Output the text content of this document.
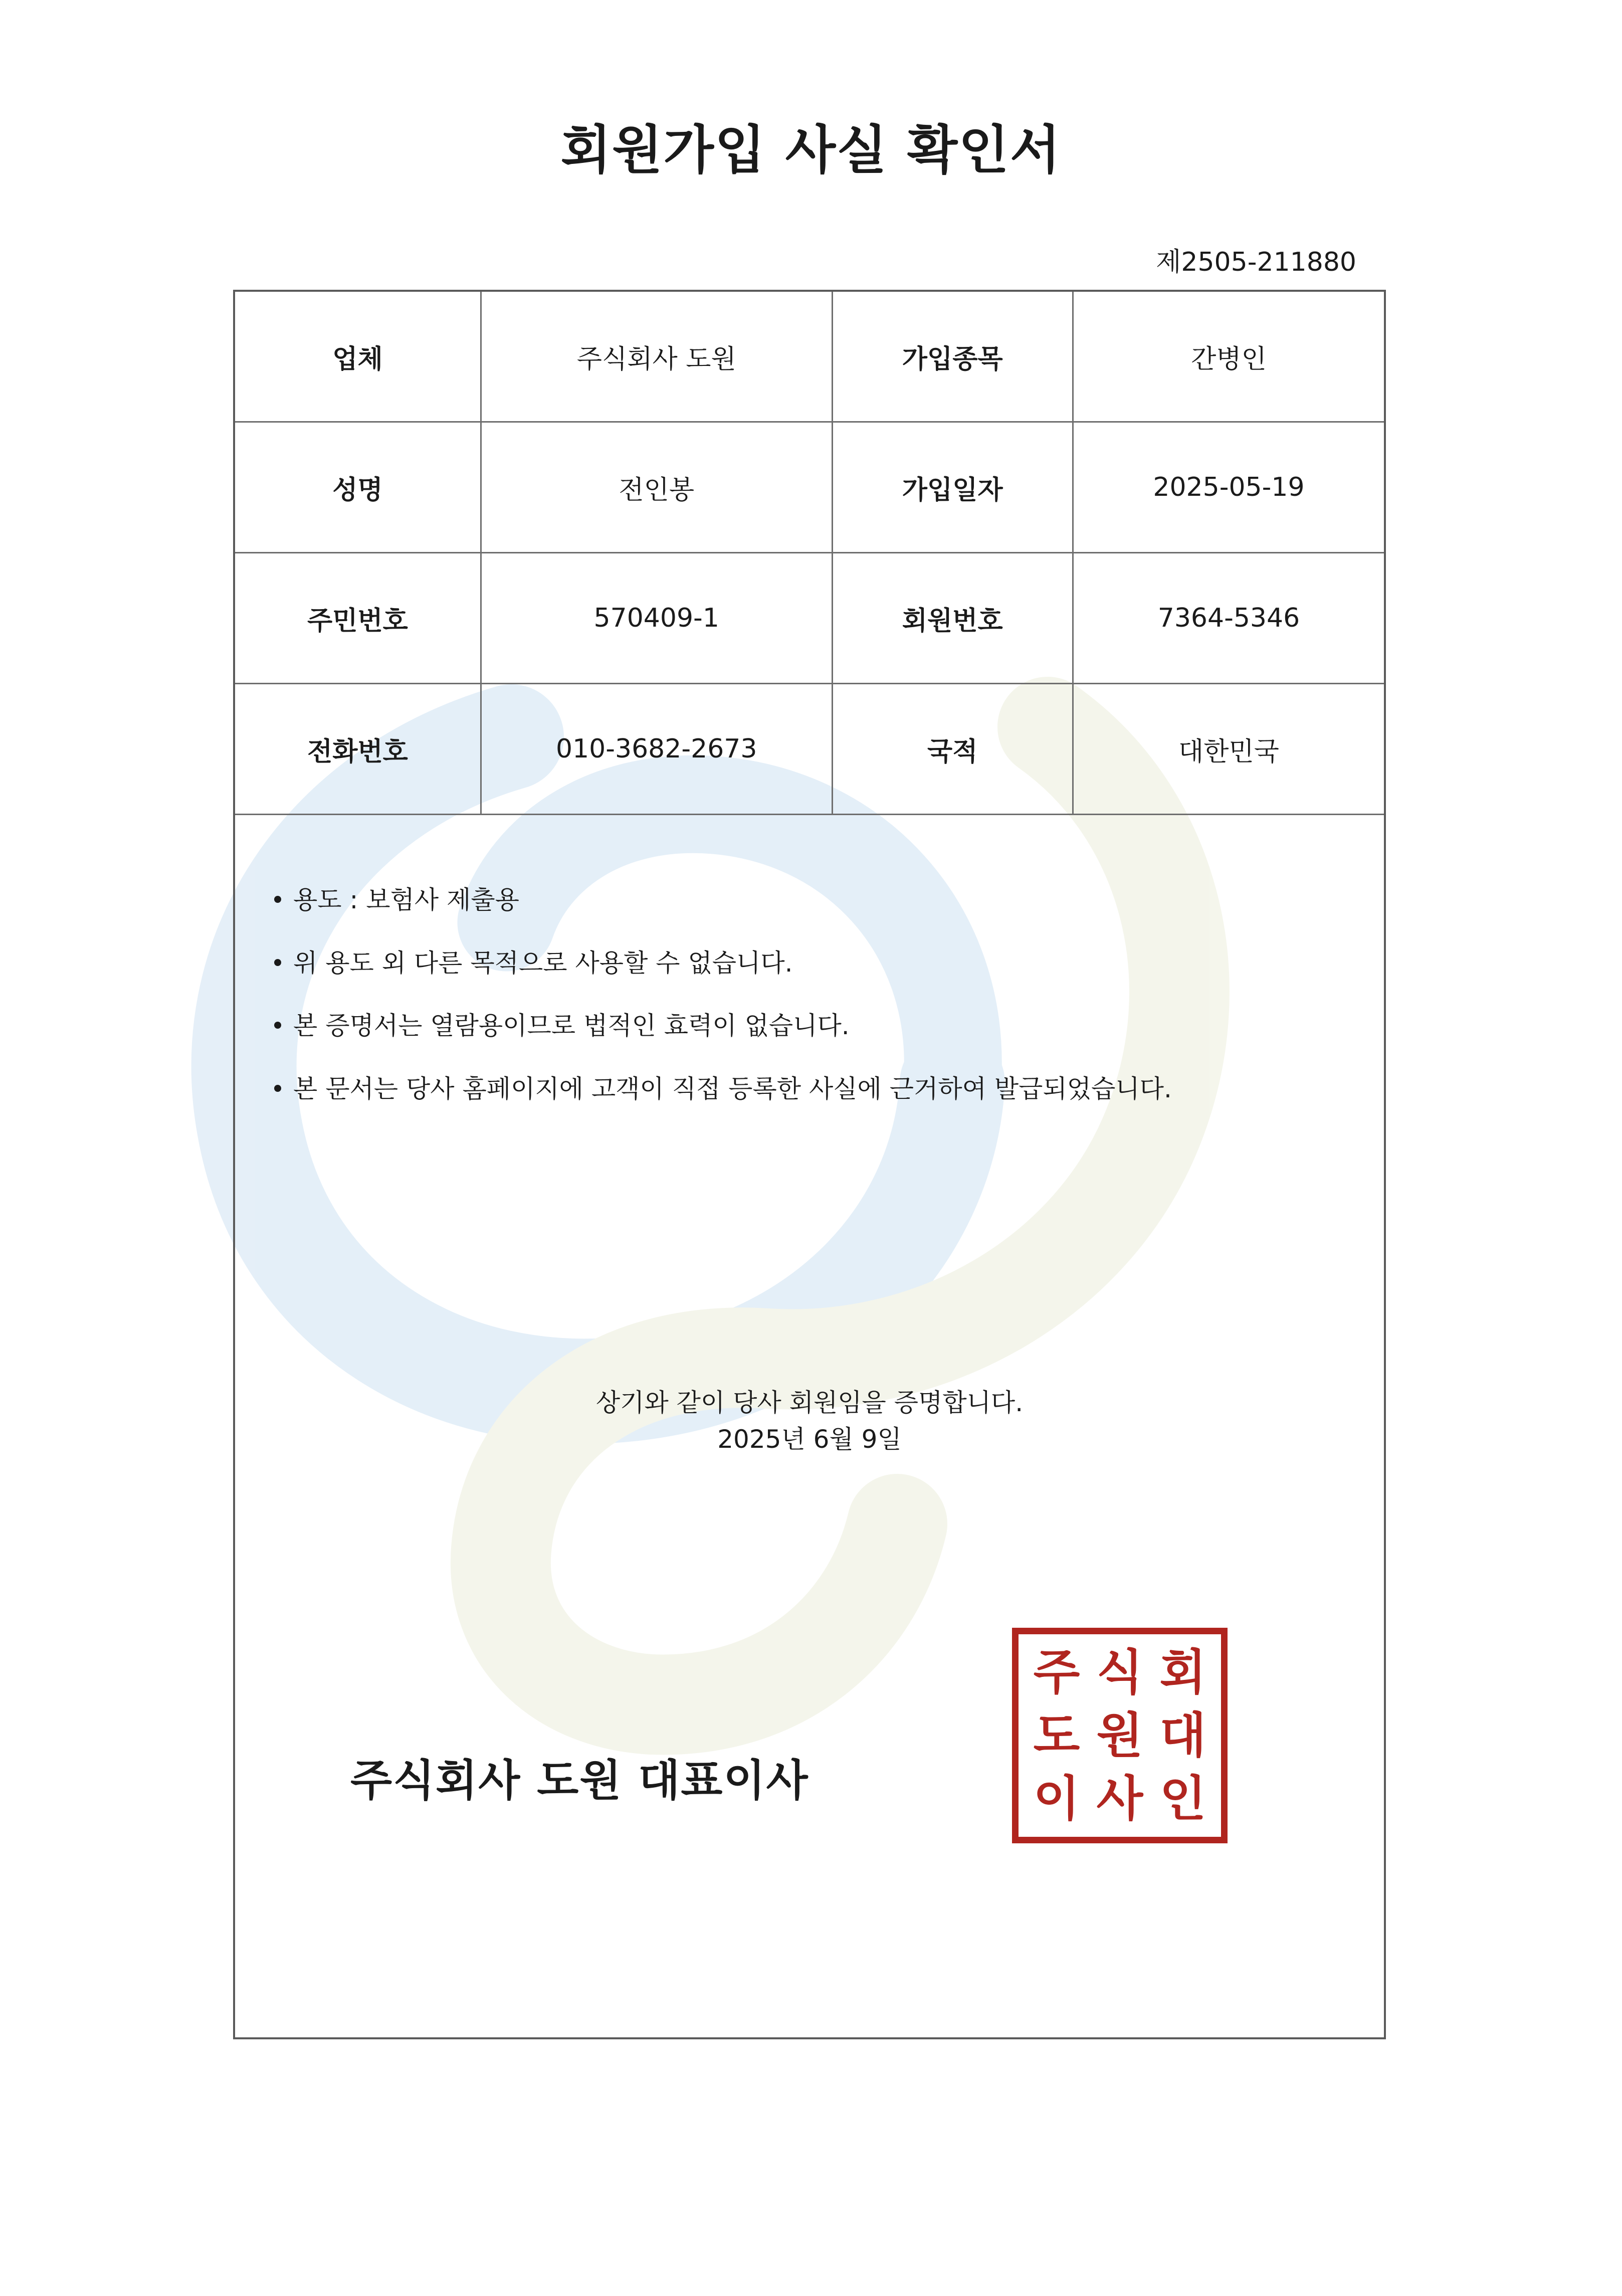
회원가입 사실 확인서
제2505-211880
업체	주식회사 도원	가입종목	간병인
성명	전인봉	가입일자	2025-05-19
주민번호	570409-1	회원번호	7364-5346
전화번호	010-3682-2673	국적	대한민국
용도 : 보험사 제출용
위 용도 외 다른 목적으로 사용할 수 없습니다.
본 증명서는 열람용이므로 법적인 효력이 없습니다.
본 문서는 당사 홈페이지에 고객이 직접 등록한 사실에 근거하여 발급되었습니다.
상기와 같이 당사 회원임을 증명합니다.
2025년 6월 9일
주식회사 도원 대표이사
주 식 회
도 원 대
이 사 인
